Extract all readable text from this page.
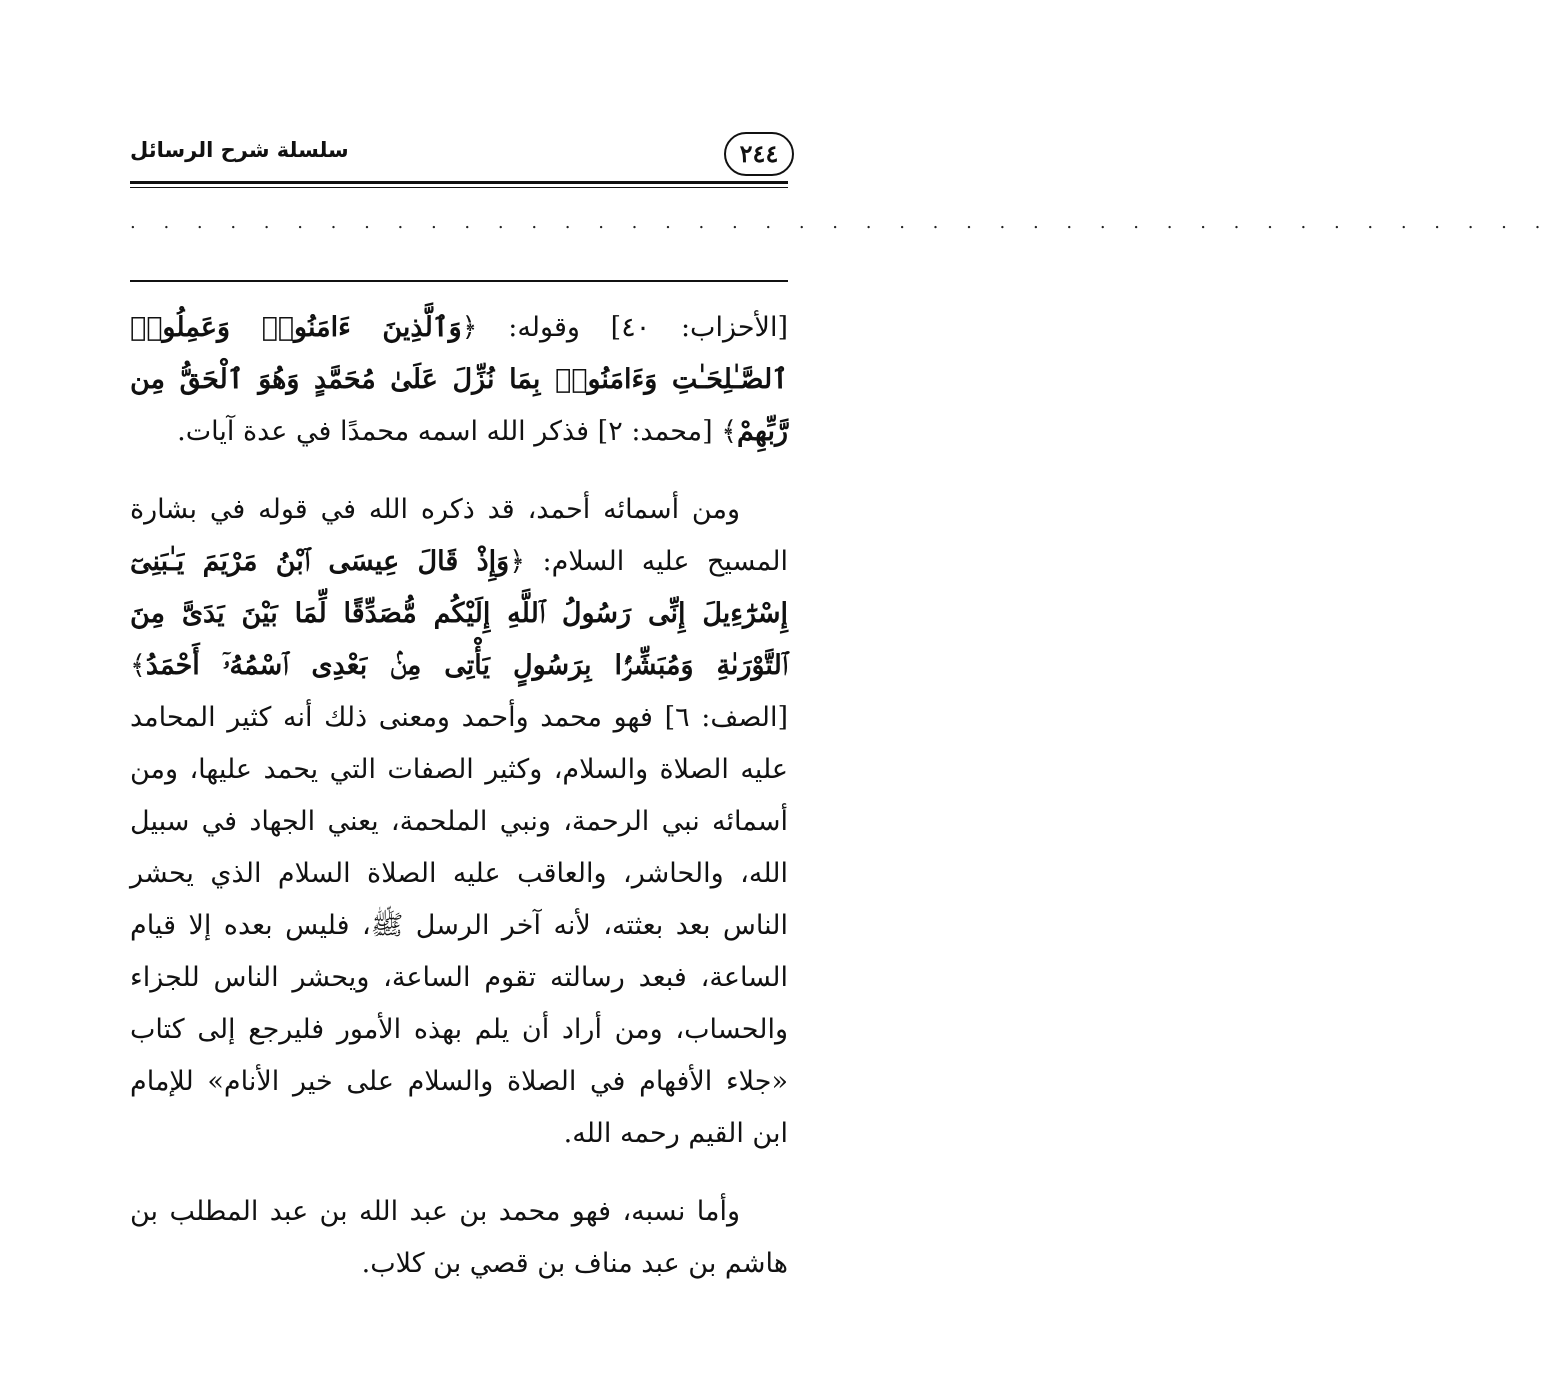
سلسلة شرح الرسائل	٢٤٤
. . . . . . . . . . . . . . . . . . . . . . . . . . . . . . . . . . . . . . . . . . .

[الأحزاب: ٤٠] وقوله: ﴿وَٱلَّذِينَ ءَامَنُوا۟ وَعَمِلُوا۟ ٱلصَّـٰلِحَـٰتِ وَءَامَنُوا۟ بِمَا نُزِّلَ عَلَىٰ مُحَمَّدٍ وَهُوَ ٱلْحَقُّ مِن رَّبِّهِمْ﴾ [محمد: ٢] فذكر الله اسمه محمدًا في عدة آيات.

ومن أسمائه أحمد، قد ذكره الله في قوله في بشارة المسيح عليه السلام: ﴿وَإِذْ قَالَ عِيسَى ٱبْنُ مَرْيَمَ يَـٰبَنِىٓ إِسْرَٰٓءِيلَ إِنِّى رَسُولُ ٱللَّهِ إِلَيْكُم مُّصَدِّقًا لِّمَا بَيْنَ يَدَىَّ مِنَ ٱلتَّوْرَىٰةِ وَمُبَشِّرًۢا بِرَسُولٍ يَأْتِى مِنۢ بَعْدِى ٱسْمُهُۥٓ أَحْمَدُ﴾ [الصف: ٦] فهو محمد وأحمد ومعنى ذلك أنه كثير المحامد عليه الصلاة والسلام، وكثير الصفات التي يحمد عليها، ومن أسمائه نبي الرحمة، ونبي الملحمة، يعني الجهاد في سبيل الله، والحاشر، والعاقب عليه الصلاة السلام الذي يحشر الناس بعد بعثته، لأنه آخر الرسل ﷺ، فليس بعده إلا قيام الساعة، فبعد رسالته تقوم الساعة، ويحشر الناس للجزاء والحساب، ومن أراد أن يلم بهذه الأمور فليرجع إلى كتاب «جلاء الأفهام في الصلاة والسلام على خير الأنام» للإمام ابن القيم رحمه الله.

وأما نسبه، فهو محمد بن عبد الله بن عبد المطلب بن هاشم بن عبد مناف بن قصي بن كلاب.
